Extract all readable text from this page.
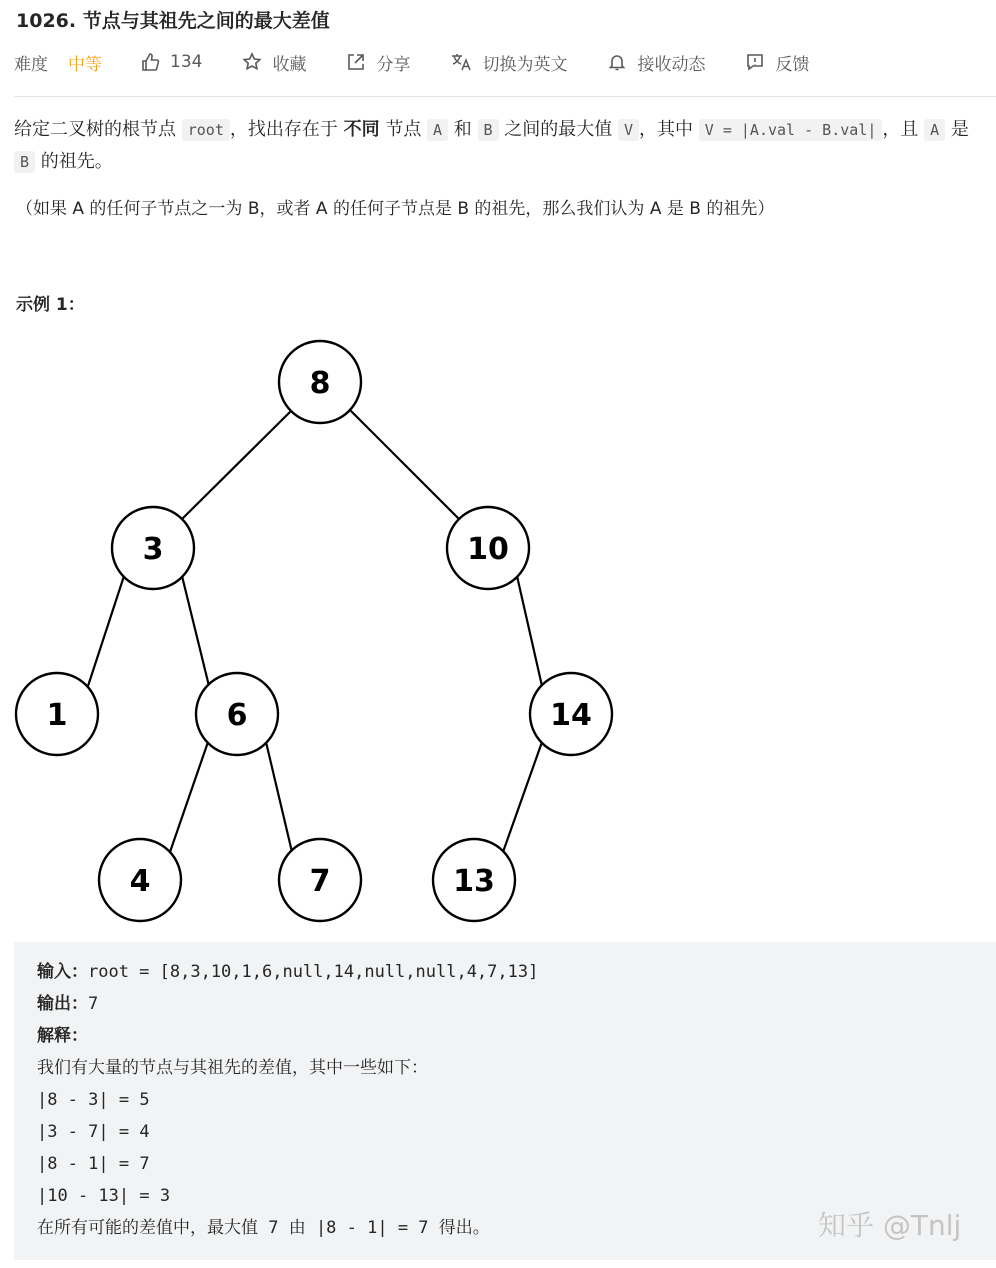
1026. 节点与其祖先之间的最大差值
难度 中等	134	收藏	分享	切换为英文	接收动态	反馈
给定二叉树的根节点 root ，找出存在于 不同 节点 A 和 B 之间的最大值 V ，其中 V = |A.val - B.val| ，且 A 是 B 的祖先。
（如果 A 的任何子节点之一为 B，或者 A 的任何子节点是 B 的祖先，那么我们认为 A 是 B 的祖先）
示例 1：
8
3	10
1	6	14
4	7	13
输入：root = [8,3,10,1,6,null,14,null,null,4,7,13]
输出：7
解释：
我们有大量的节点与其祖先的差值，其中一些如下：
|8 - 3| = 5
|3 - 7| = 4
|8 - 1| = 7
|10 - 13| = 3
在所有可能的差值中，最大值 7 由 |8 - 1| = 7 得出。	知乎 @Tnlj
